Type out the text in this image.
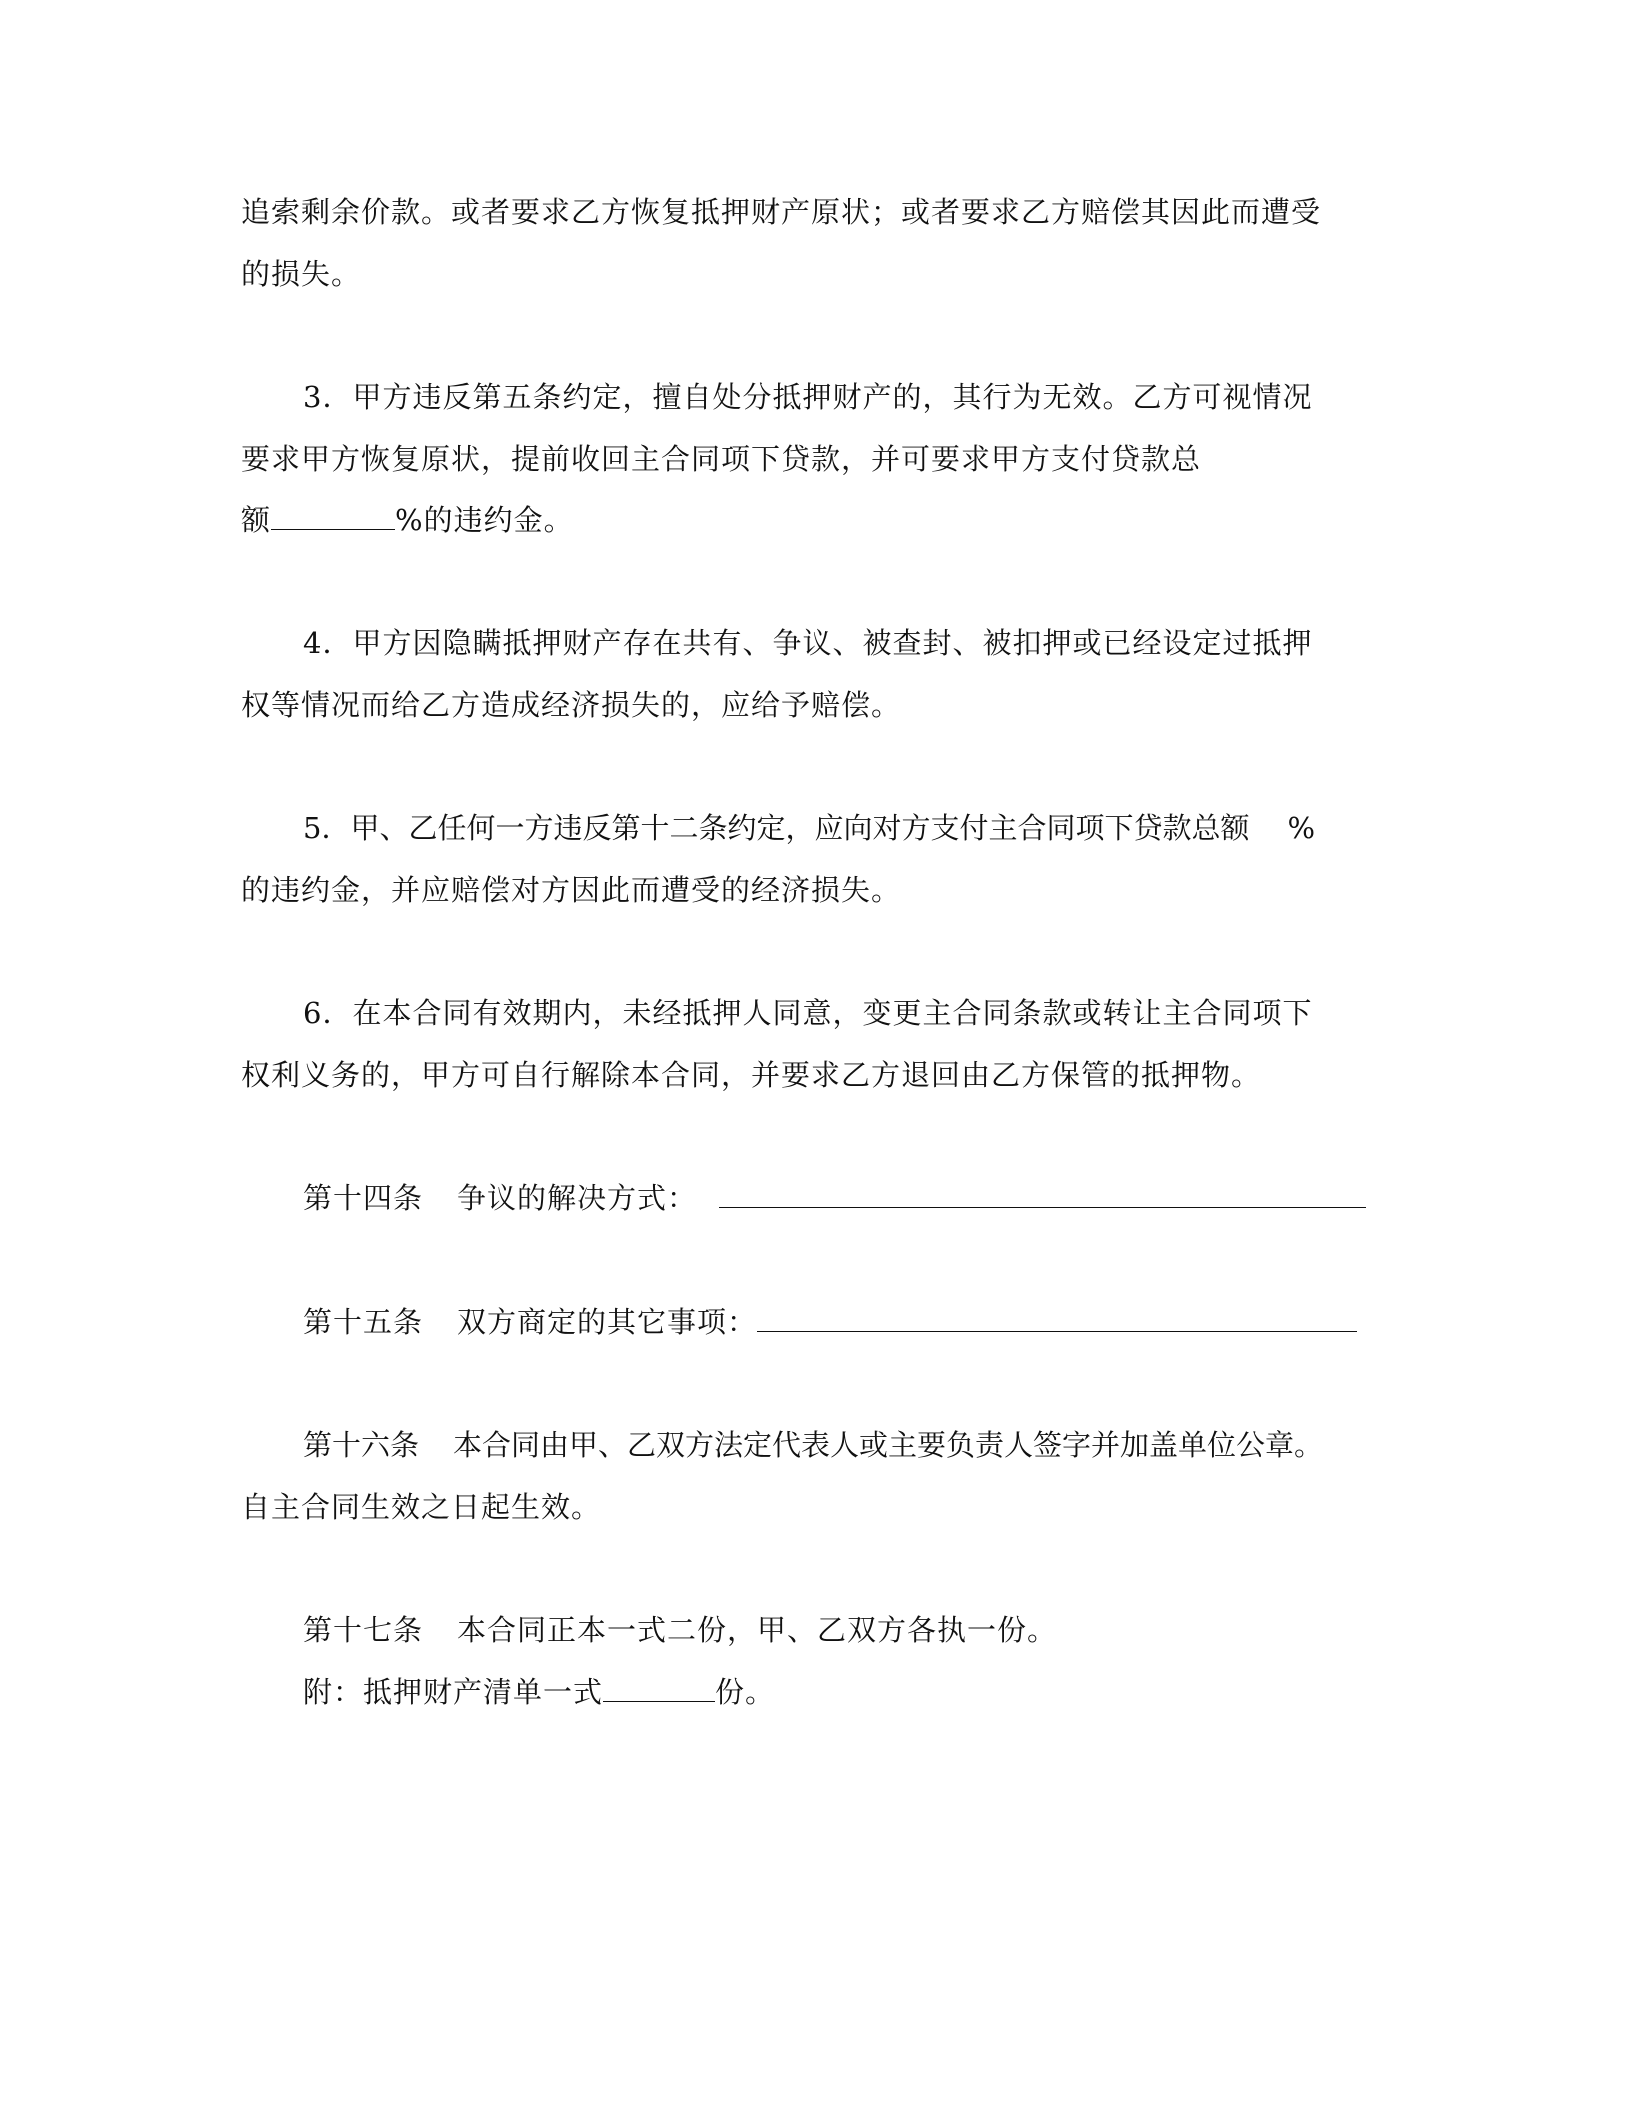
追索剩余价款。或者要求乙方恢复抵押财产原状；或者要求乙方赔偿其因此而遭受
的损失。
3．甲方违反第五条约定，擅自处分抵押财产的，其行为无效。乙方可视情况
要求甲方恢复原状，提前收回主合同项下贷款，并可要求甲方支付贷款总
额	%的违约金。
4．甲方因隐瞒抵押财产存在共有、争议、被查封、被扣押或已经设定过抵押
权等情况而给乙方造成经济损失的，应给予赔偿。
5．甲、乙任何一方违反第十二条约定，应向对方支付主合同项下贷款总额 %
的违约金，并应赔偿对方因此而遭受的经济损失。
6．在本合同有效期内，未经抵押人同意，变更主合同条款或转让主合同项下
权利义务的，甲方可自行解除本合同，并要求乙方退回由乙方保管的抵押物。
第十四条 争议的解决方式：
第十五条 双方商定的其它事项：
第十六条 本合同由甲、乙双方法定代表人或主要负责人签字并加盖单位公章。
自主合同生效之日起生效。
第十七条 本合同正本一式二份，甲、乙双方各执一份。
附：抵押财产清单一式	份。
